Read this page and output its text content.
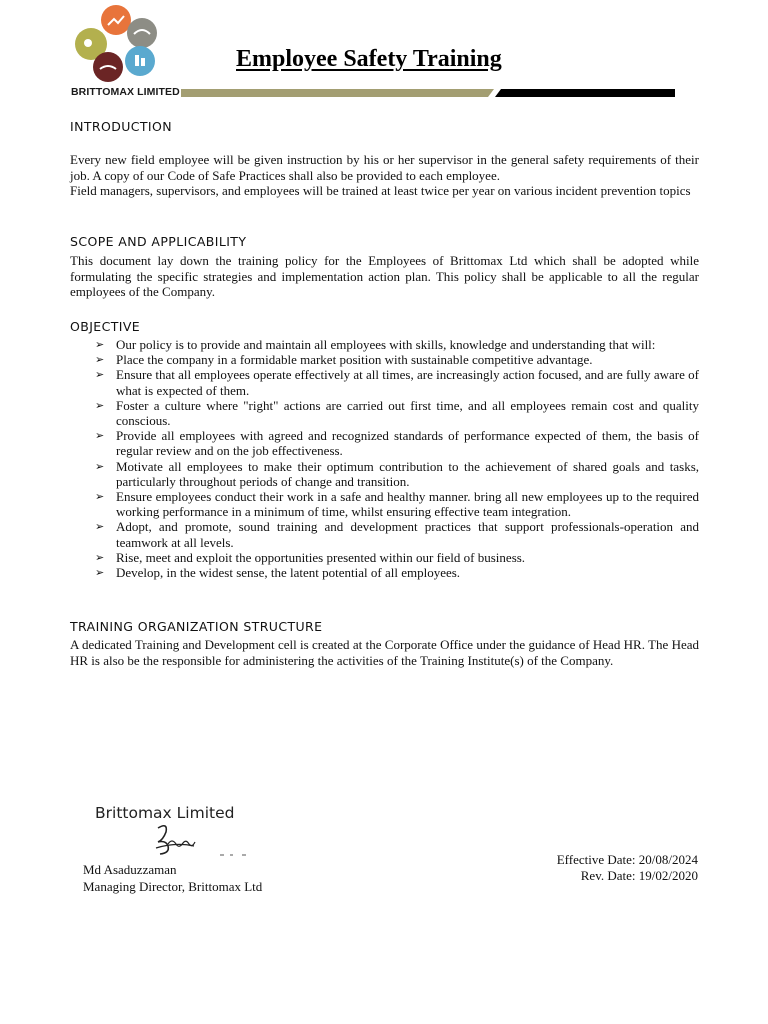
BRITTOMAX LIMITED
Employee Safety Training
INTRODUCTION

Every new field employee will be given instruction by his or her supervisor in the general safety requirements of their job. A copy of our Code of Safe Practices shall also be provided to each employee.

Field managers, supervisors, and employees will be trained at least twice per year on various incident prevention topics

SCOPE AND APPLICABILITY

This document lay down the training policy for the Employees of Brittomax Ltd which shall be adopted while formulating the specific strategies and implementation action plan. This policy shall be applicable to all the regular employees of the Company.

OBJECTIVE
➢ Our policy is to provide and maintain all employees with skills, knowledge and understanding that will:
➢ Place the company in a formidable market position with sustainable competitive advantage.
➢ Ensure that all employees operate effectively at all times, are increasingly action focused, and are fully aware of what is expected of them.
➢ Foster a culture where "right" actions are carried out first time, and all employees remain cost and quality conscious.
➢ Provide all employees with agreed and recognized standards of performance expected of them, the basis of regular review and on the job effectiveness.
➢ Motivate all employees to make their optimum contribution to the achievement of shared goals and tasks, particularly throughout periods of change and transition.
➢ Ensure employees conduct their work in a safe and healthy manner. bring all new employees up to the required working performance in a minimum of time, whilst ensuring effective team integration.
➢ Adopt, and promote, sound training and development practices that support professionals-operation and teamwork at all levels.
➢ Rise, meet and exploit the opportunities presented within our field of business.
➢ Develop, in the widest sense, the latent potential of all employees.
TRAINING ORGANIZATION STRUCTURE

A dedicated Training and Development cell is created at the Corporate Office under the guidance of Head HR. The Head HR is also be the responsible for administering the activities of the Training Institute(s) of the Company.

Brittomax Limited

Md Asaduzzaman
Managing Director, Brittomax Ltd

Effective Date: 20/08/2024
Rev. Date: 19/02/2020
